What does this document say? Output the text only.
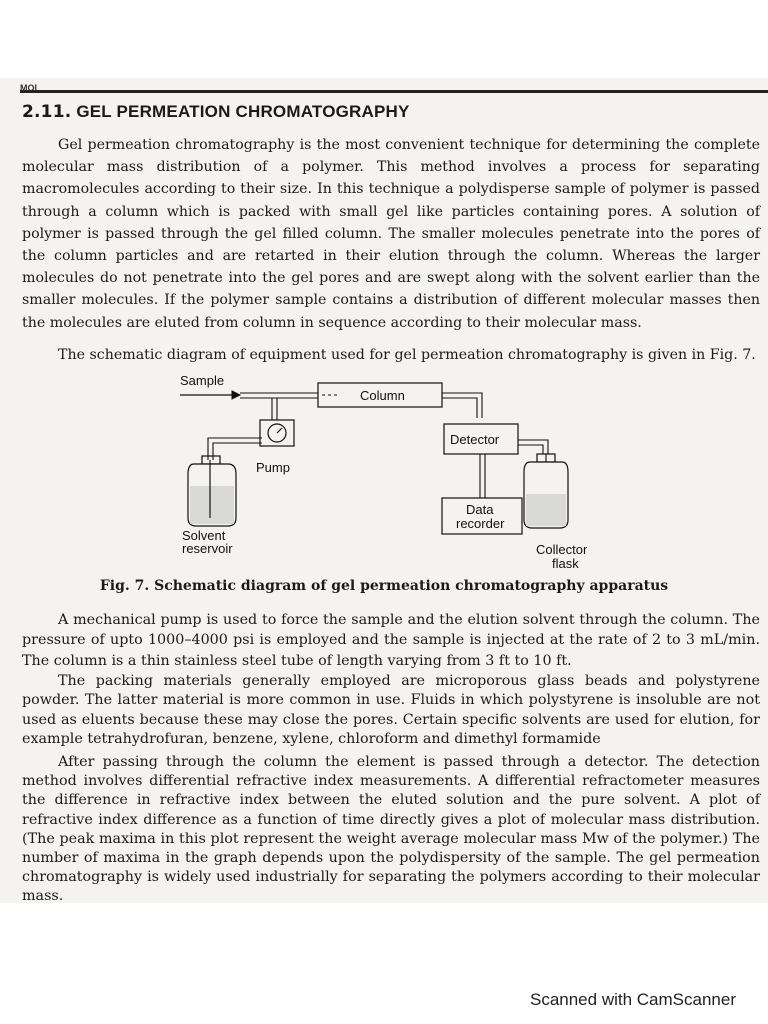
MOL
2.11. GEL PERMEATION CHROMATOGRAPHY

Gel permeation chromatography is the most convenient technique for determining the complete molecular mass distribution of a polymer. This method involves a process for separating macromolecules according to their size. In this technique a polydisperse sample of polymer is passed through a column which is packed with small gel like particles containing pores. A solution of polymer is passed through the gel filled column. The smaller molecules penetrate into the pores of the column particles and are retarted in their elution through the column. Whereas the larger molecules do not penetrate into the gel pores and are swept along with the solvent earlier than the smaller molecules. If the polymer sample contains a distribution of different molecular masses then the molecules are eluted from column in sequence according to their molecular mass.

The schematic diagram of equipment used for gel permeation chromatography is given in Fig. 7.

Sample
Column
Pump
Detector
Data
recorder
Solvent
reservoir	Collector
flask
Fig. 7. Schematic diagram of gel permeation chromatography apparatus

A mechanical pump is used to force the sample and the elution solvent through the column. The pressure of upto 1000–4000 psi is employed and the sample is injected at the rate of 2 to 3 mL/min. The column is a thin stainless steel tube of length varying from 3 ft to 10 ft.

The packing materials generally employed are microporous glass beads and polystyrene powder. The latter material is more common in use. Fluids in which polystyrene is insoluble are not used as eluents because these may close the pores. Certain specific solvents are used for elution, for example tetrahydrofuran, benzene, xylene, chloroform and dimethyl formamide

After passing through the column the element is passed through a detector. The detection method involves differential refractive index measurements. A differential refractometer measures the difference in refractive index between the eluted solution and the pure solvent. A plot of refractive index difference as a function of time directly gives a plot of molecular mass distribution. (The peak maxima in this plot represent the weight average molecular mass Mw of the polymer.) The number of maxima in the graph depends upon the polydispersity of the sample. The gel permeation chromatography is widely used industrially for separating the polymers according to their molecular mass.

Scanned with CamScanner
